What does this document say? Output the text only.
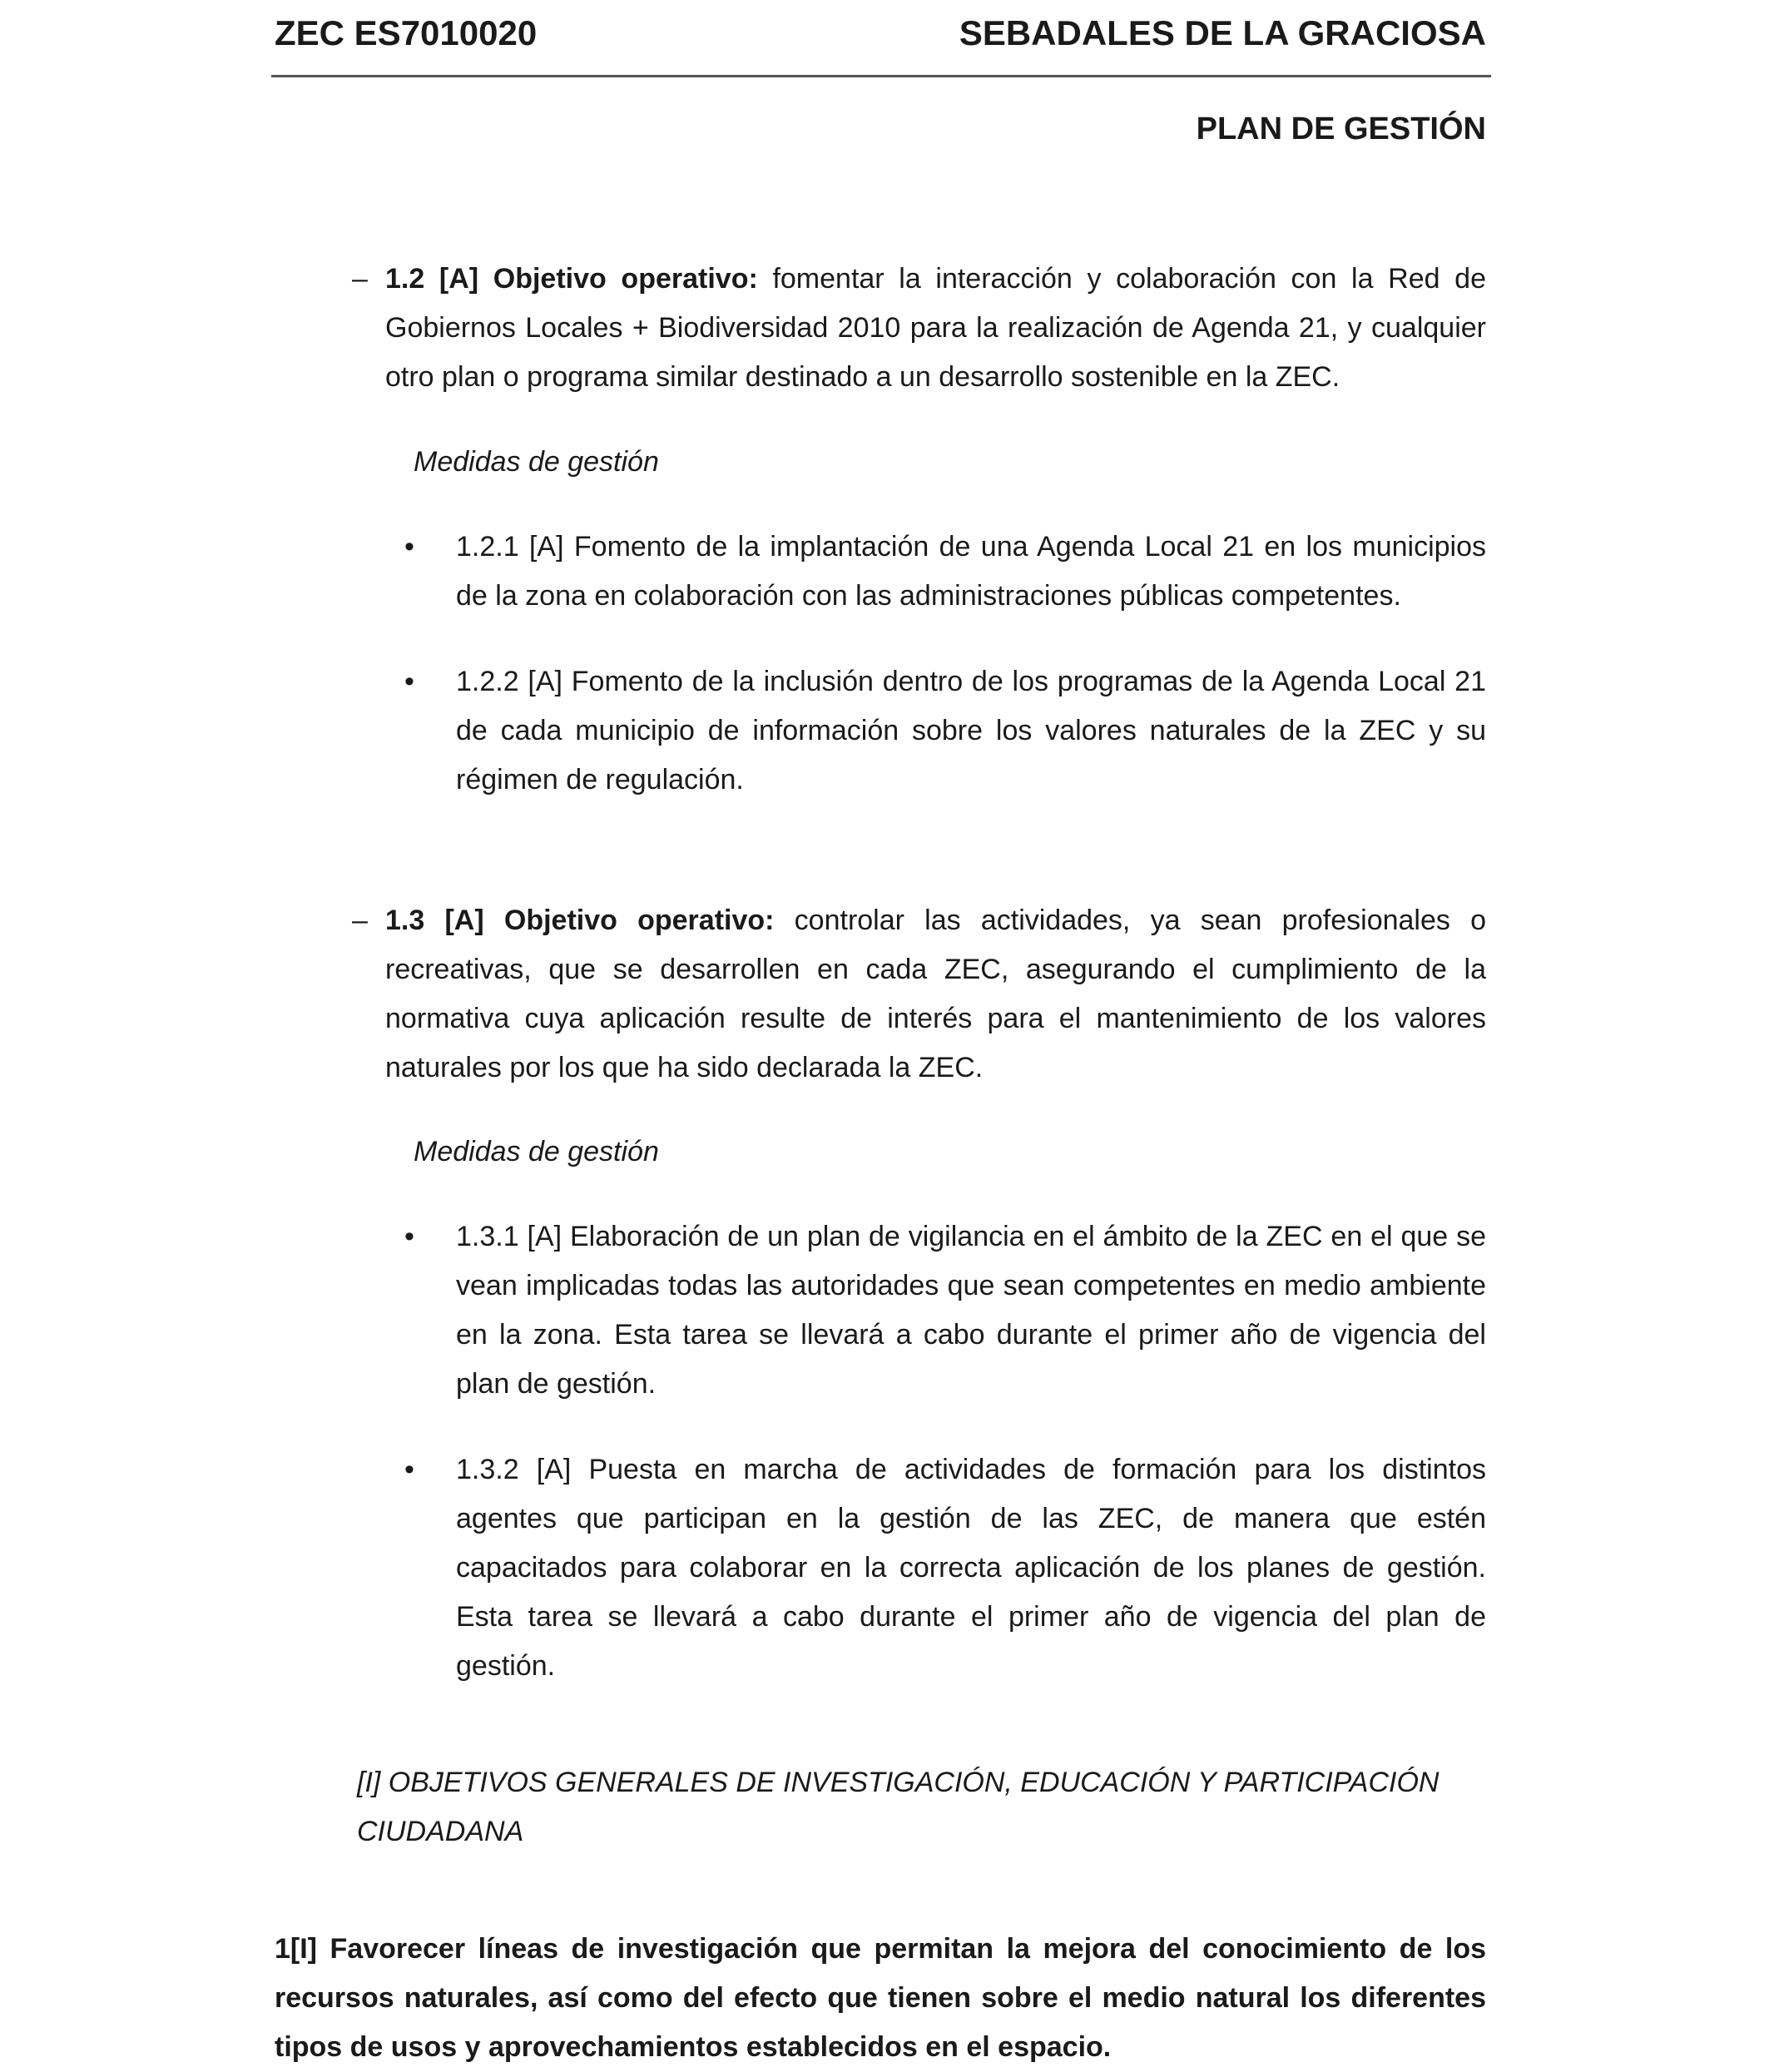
ZEC ES7010020	SEBADALES DE LA GRACIOSA
PLAN DE GESTIÓN
– 1.2 [A] Objetivo operativo: fomentar la interacción y colaboración con la Red de Gobiernos Locales + Biodiversidad 2010 para la realización de Agenda 21, y cualquier otro plan o programa similar destinado a un desarrollo sostenible en la ZEC.
Medidas de gestión
• 1.2.1 [A] Fomento de la implantación de una Agenda Local 21 en los municipios de la zona en colaboración con las administraciones públicas competentes.
• 1.2.2 [A] Fomento de la inclusión dentro de los programas de la Agenda Local 21 de cada municipio de información sobre los valores naturales de la ZEC y su régimen de regulación.
– 1.3 [A] Objetivo operativo: controlar las actividades, ya sean profesionales o recreativas, que se desarrollen en cada ZEC, asegurando el cumplimiento de la normativa cuya aplicación resulte de interés para el mantenimiento de los valores naturales por los que ha sido declarada la ZEC.
Medidas de gestión
• 1.3.1 [A] Elaboración de un plan de vigilancia en el ámbito de la ZEC en el que se vean implicadas todas las autoridades que sean competentes en medio ambiente en la zona. Esta tarea se llevará a cabo durante el primer año de vigencia del plan de gestión.
• 1.3.2 [A] Puesta en marcha de actividades de formación para los distintos agentes que participan en la gestión de las ZEC, de manera que estén capacitados para colaborar en la correcta aplicación de los planes de gestión. Esta tarea se llevará a cabo durante el primer año de vigencia del plan de gestión.
[I] OBJETIVOS GENERALES DE INVESTIGACIÓN, EDUCACIÓN Y PARTICIPACIÓN CIUDADANA
1[I] Favorecer líneas de investigación que permitan la mejora del conocimiento de los recursos naturales, así como del efecto que tienen sobre el medio natural los diferentes tipos de usos y aprovechamientos establecidos en el espacio.
